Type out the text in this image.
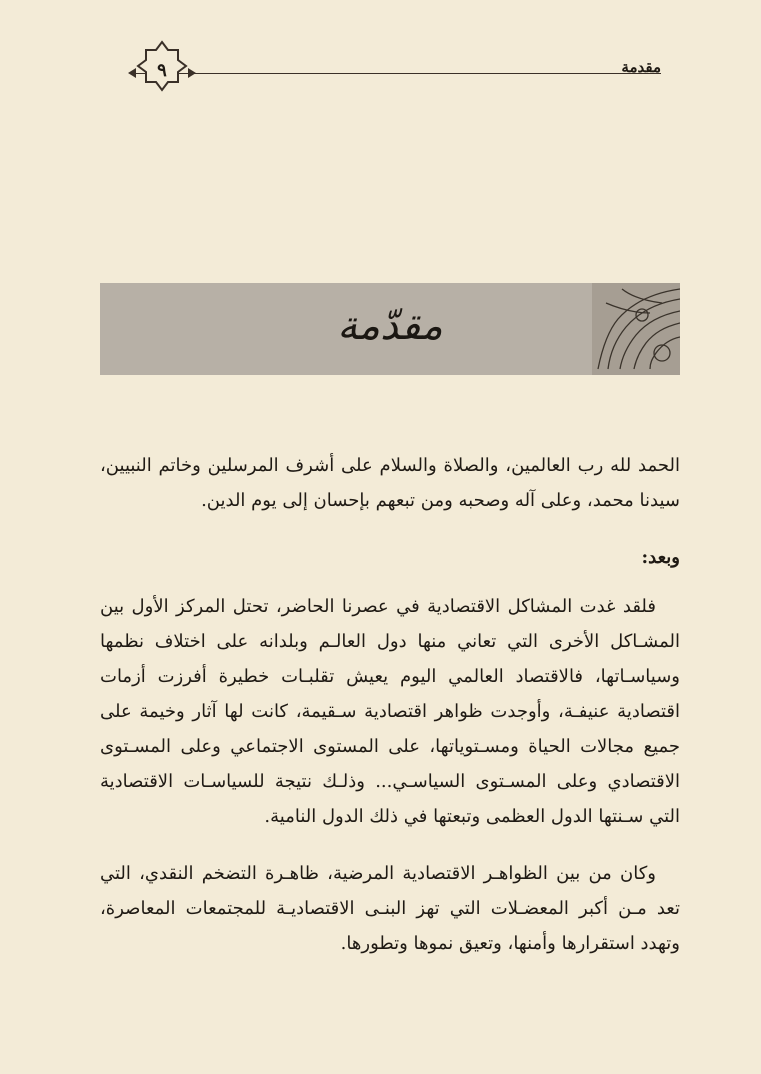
مقدمة
٩
مقدّمة

الحمد لله رب العالمين، والصلاة والسلام على أشرف المرسلين وخاتم النبيين، سيدنا محمد، وعلى آله وصحبه ومن تبعهم بإحسان إلى يوم الدين.

وبعد:

فلقد غدت المشاكل الاقتصادية في عصرنا الحاضر، تحتل المركز الأول بين المشـاكل الأخرى التي تعاني منها دول العالـم وبلدانه على اختلاف نظمها وسياسـاتها، فالاقتصاد العالمي اليوم يعيش تقلبـات خطيرة أفرزت أزمات اقتصادية عنيفـة، وأوجدت ظواهر اقتصادية سـقيمة، كانت لها آثار وخيمة على جميع مجالات الحياة ومسـتوياتها، على المستوى الاجتماعي وعلى المسـتوى الاقتصادي وعلى المسـتوى السياسـي... وذلـك نتيجة للسياسـات الاقتصادية التي سـنتها الدول العظمى وتبعتها في ذلك الدول النامية.

وكان من بين الظواهـر الاقتصادية المرضية، ظاهـرة التضخم النقدي، التي تعد مـن أكبر المعضـلات التي تهز البنـى الاقتصاديـة للمجتمعات المعاصرة، وتهدد استقرارها وأمنها، وتعيق نموها وتطورها.
